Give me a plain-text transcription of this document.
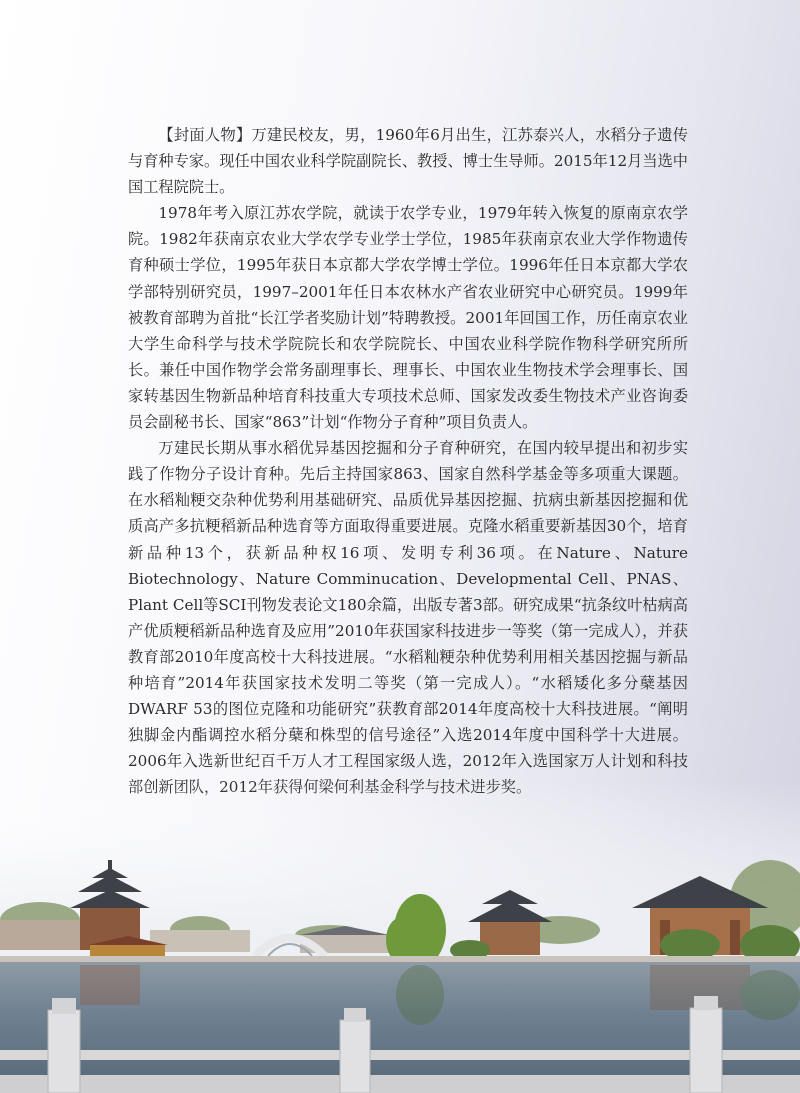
【封面人物】万建民校友，男，1960年6月出生，江苏泰兴人，水稻分子遗传与育种专家。现任中国农业科学院副院长、教授、博士生导师。2015年12月当选中国工程院院士。

1978年考入原江苏农学院，就读于农学专业，1979年转入恢复的原南京农学院。1982年获南京农业大学农学专业学士学位，1985年获南京农业大学作物遗传育种硕士学位，1995年获日本京都大学农学博士学位。1996年任日本京都大学农学部特别研究员，1997–2001年任日本农林水产省农业研究中心研究员。1999年被教育部聘为首批“长江学者奖励计划”特聘教授。2001年回国工作，历任南京农业大学生命科学与技术学院院长和农学院院长、中国农业科学院作物科学研究所所长。兼任中国作物学会常务副理事长、理事长、中国农业生物技术学会理事长、国家转基因生物新品种培育科技重大专项技术总师、国家发改委生物技术产业咨询委员会副秘书长、国家“863”计划“作物分子育种”项目负责人。

万建民长期从事水稻优异基因挖掘和分子育种研究，在国内较早提出和初步实践了作物分子设计育种。先后主持国家863、国家自然科学基金等多项重大课题。在水稻籼粳交杂种优势利用基础研究、品质优异基因挖掘、抗病虫新基因挖掘和优质高产多抗粳稻新品种选育等方面取得重要进展。克隆水稻重要新基因30个，培育新品种13个，获新品种权16项、发明专利36项。在Nature、Nature Biotechnology、Nature Comminucation、Developmental Cell、PNAS、Plant Cell等SCI刊物发表论文180余篇，出版专著3部。研究成果“抗条纹叶枯病高产优质粳稻新品种选育及应用”2010年获国家科技进步一等奖（第一完成人），并获教育部2010年度高校十大科技进展。“水稻籼粳杂种优势利用相关基因挖掘与新品种培育”2014年获国家技术发明二等奖（第一完成人）。“水稻矮化多分蘖基因DWARF 53的图位克隆和功能研究”获教育部2014年度高校十大科技进展。“阐明独脚金内酯调控水稻分蘖和株型的信号途径”入选2014年度中国科学十大进展。2006年入选新世纪百千万人才工程国家级人选，2012年入选国家万人计划和科技
